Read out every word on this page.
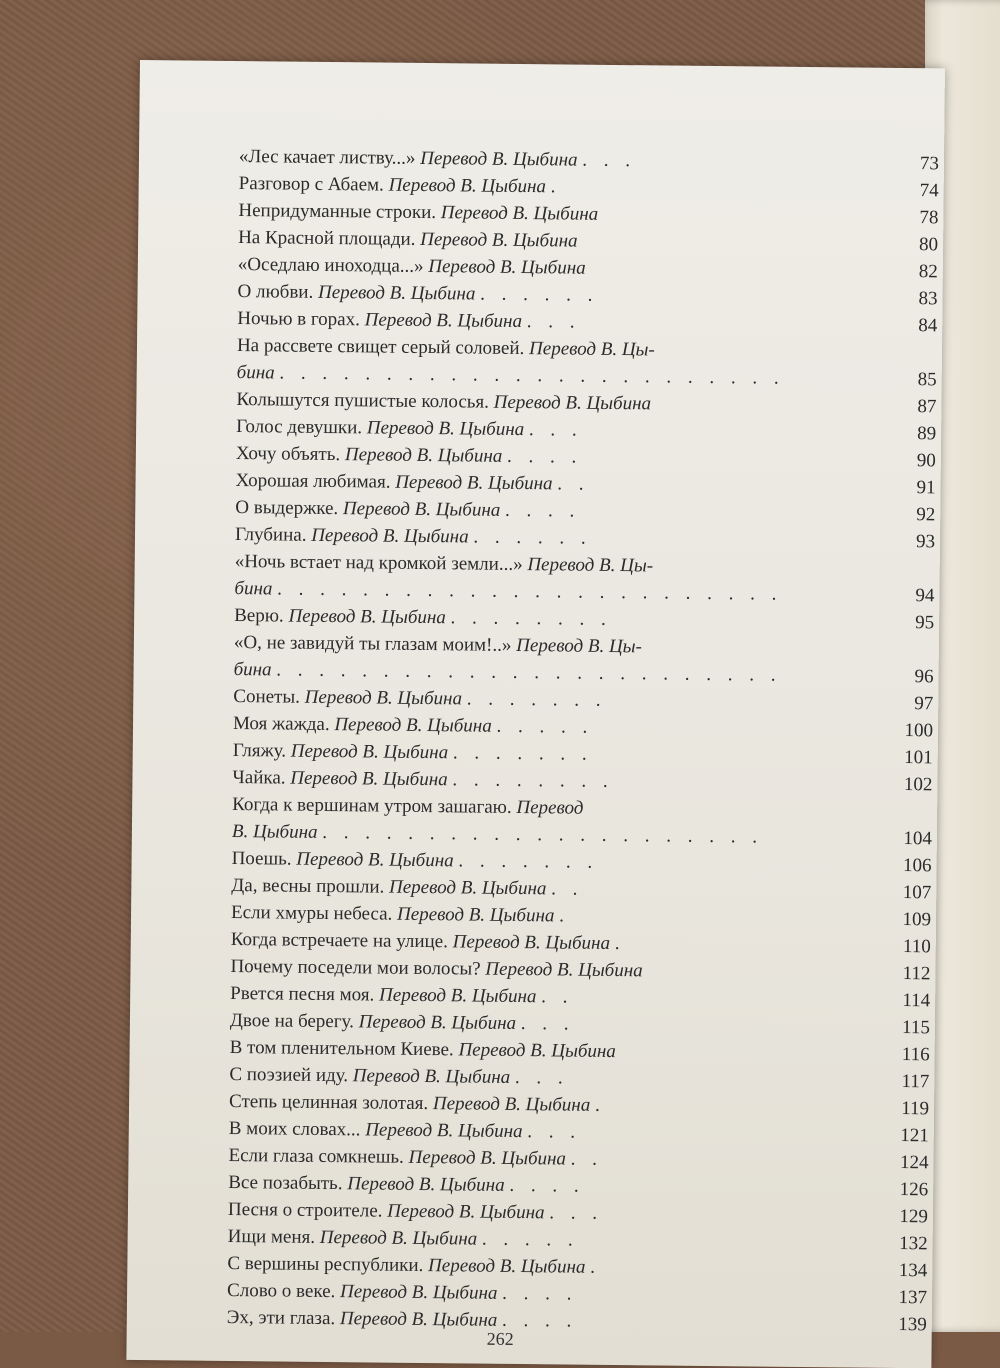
«Лес качает листву...» Перевод В. Цыбина . . .	73
Разговор с Абаем. Перевод В. Цыбина .	74
Непридуманные строки. Перевод В. Цыбина	78
На Красной площади. Перевод В. Цыбина	80
«Оседлаю иноходца...» Перевод В. Цыбина	82
О любви. Перевод В. Цыбина . . . . . .	83
Ночью в горах. Перевод В. Цыбина . . .	84
На рассвете свищет серый соловей. Перевод В. Цы-
бина . . . . . . . . . . . . . . . . . . . . . . . .	85
Колышутся пушистые колосья. Перевод В. Цыбина	87
Голос девушки. Перевод В. Цыбина . . .	89
Хочу объять. Перевод В. Цыбина . . . .	90
Хорошая любимая. Перевод В. Цыбина . .	91
О выдержке. Перевод В. Цыбина . . . .	92
Глубина. Перевод В. Цыбина . . . . . .	93
«Ночь встает над кромкой земли...» Перевод В. Цы-
бина . . . . . . . . . . . . . . . . . . . . . . . .	94
Верю. Перевод В. Цыбина . . . . . . . .	95
«О, не завидуй ты глазам моим!..» Перевод В. Цы-
бина . . . . . . . . . . . . . . . . . . . . . . . .	96
Сонеты. Перевод В. Цыбина . . . . . . .	97
Моя жажда. Перевод В. Цыбина . . . . .	100
Гляжу. Перевод В. Цыбина . . . . . . .	101
Чайка. Перевод В. Цыбина . . . . . . . .	102
Когда к вершинам утром зашагаю. Перевод
В. Цыбина . . . . . . . . . . . . . . . . . . . . .	104
Поешь. Перевод В. Цыбина . . . . . . .	106
Да, весны прошли. Перевод В. Цыбина . .	107
Если хмуры небеса. Перевод В. Цыбина .	109
Когда встречаете на улице. Перевод В. Цыбина .	110
Почему поседели мои волосы? Перевод В. Цыбина	112
Рвется песня моя. Перевод В. Цыбина . .	114
Двое на берегу. Перевод В. Цыбина . . .	115
В том пленительном Киеве. Перевод В. Цыбина	116
С поэзией иду. Перевод В. Цыбина . . .	117
Степь целинная золотая. Перевод В. Цыбина .	119
В моих словах... Перевод В. Цыбина . . .	121
Если глаза сомкнешь. Перевод В. Цыбина . .	124
Все позабыть. Перевод В. Цыбина . . . .	126
Песня о строителе. Перевод В. Цыбина . . .	129
Ищи меня. Перевод В. Цыбина . . . . .	132
С вершины республики. Перевод В. Цыбина .	134
Слово о веке. Перевод В. Цыбина . . . .	137
Эх, эти глаза. Перевод В. Цыбина . . . .	139
262
